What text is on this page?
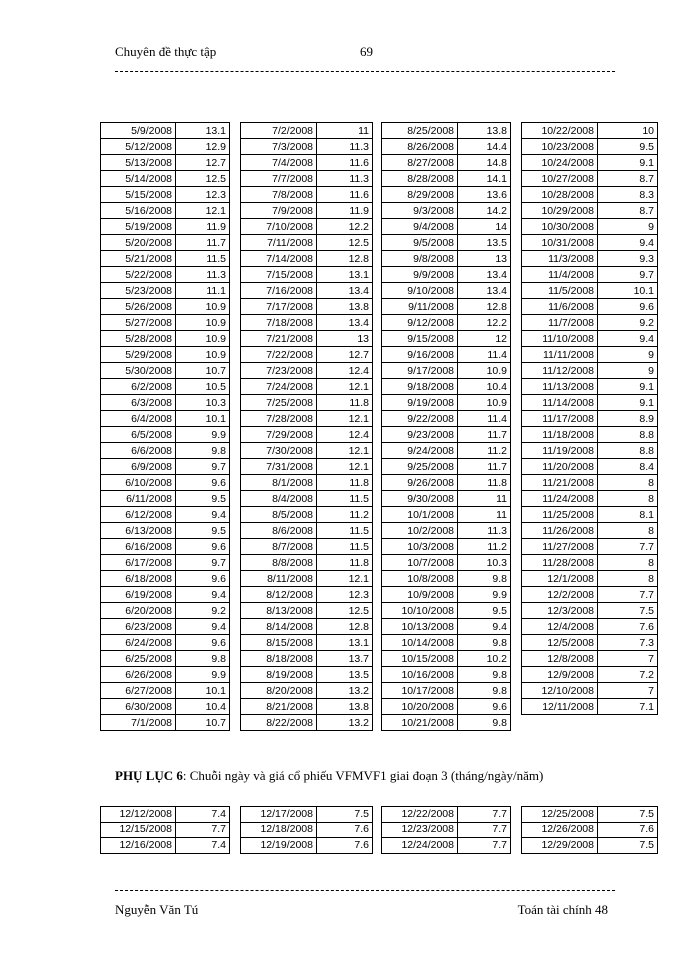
Chuyên đề thực tập	69
5/9/2008	13.1
5/12/2008	12.9
5/13/2008	12.7
5/14/2008	12.5
5/15/2008	12.3
5/16/2008	12.1
5/19/2008	11.9
5/20/2008	11.7
5/21/2008	11.5
5/22/2008	11.3
5/23/2008	11.1
5/26/2008	10.9
5/27/2008	10.9
5/28/2008	10.9
5/29/2008	10.9
5/30/2008	10.7
6/2/2008	10.5
6/3/2008	10.3
6/4/2008	10.1
6/5/2008	9.9
6/6/2008	9.8
6/9/2008	9.7
6/10/2008	9.6
6/11/2008	9.5
6/12/2008	9.4
6/13/2008	9.5
6/16/2008	9.6
6/17/2008	9.7
6/18/2008	9.6
6/19/2008	9.4
6/20/2008	9.2
6/23/2008	9.4
6/24/2008	9.6
6/25/2008	9.8
6/26/2008	9.9
6/27/2008	10.1
6/30/2008	10.4
7/1/2008	10.7
7/2/2008	11
7/3/2008	11.3
7/4/2008	11.6
7/7/2008	11.3
7/8/2008	11.6
7/9/2008	11.9
7/10/2008	12.2
7/11/2008	12.5
7/14/2008	12.8
7/15/2008	13.1
7/16/2008	13.4
7/17/2008	13.8
7/18/2008	13.4
7/21/2008	13
7/22/2008	12.7
7/23/2008	12.4
7/24/2008	12.1
7/25/2008	11.8
7/28/2008	12.1
7/29/2008	12.4
7/30/2008	12.1
7/31/2008	12.1
8/1/2008	11.8
8/4/2008	11.5
8/5/2008	11.2
8/6/2008	11.5
8/7/2008	11.5
8/8/2008	11.8
8/11/2008	12.1
8/12/2008	12.3
8/13/2008	12.5
8/14/2008	12.8
8/15/2008	13.1
8/18/2008	13.7
8/19/2008	13.5
8/20/2008	13.2
8/21/2008	13.8
8/22/2008	13.2
8/25/2008	13.8
8/26/2008	14.4
8/27/2008	14.8
8/28/2008	14.1
8/29/2008	13.6
9/3/2008	14.2
9/4/2008	14
9/5/2008	13.5
9/8/2008	13
9/9/2008	13.4
9/10/2008	13.4
9/11/2008	12.8
9/12/2008	12.2
9/15/2008	12
9/16/2008	11.4
9/17/2008	10.9
9/18/2008	10.4
9/19/2008	10.9
9/22/2008	11.4
9/23/2008	11.7
9/24/2008	11.2
9/25/2008	11.7
9/26/2008	11.8
9/30/2008	11
10/1/2008	11
10/2/2008	11.3
10/3/2008	11.2
10/7/2008	10.3
10/8/2008	9.8
10/9/2008	9.9
10/10/2008	9.5
10/13/2008	9.4
10/14/2008	9.8
10/15/2008	10.2
10/16/2008	9.8
10/17/2008	9.8
10/20/2008	9.6
10/21/2008	9.8
10/22/2008	10
10/23/2008	9.5
10/24/2008	9.1
10/27/2008	8.7
10/28/2008	8.3
10/29/2008	8.7
10/30/2008	9
10/31/2008	9.4
11/3/2008	9.3
11/4/2008	9.7
11/5/2008	10.1
11/6/2008	9.6
11/7/2008	9.2
11/10/2008	9.4
11/11/2008	9
11/12/2008	9
11/13/2008	9.1
11/14/2008	9.1
11/17/2008	8.9
11/18/2008	8.8
11/19/2008	8.8
11/20/2008	8.4
11/21/2008	8
11/24/2008	8
11/25/2008	8.1
11/26/2008	8
11/27/2008	7.7
11/28/2008	8
12/1/2008	8
12/2/2008	7.7
12/3/2008	7.5
12/4/2008	7.6
12/5/2008	7.3
12/8/2008	7
12/9/2008	7.2
12/10/2008	7
12/11/2008	7.1
PHỤ LỤC 6: Chuỗi ngày và giá cổ phiếu VFMVF1 giai đoạn 3 (tháng/ngày/năm)
12/12/2008	7.4
12/15/2008	7.7
12/16/2008	7.4
12/17/2008	7.5
12/18/2008	7.6
12/19/2008	7.6
12/22/2008	7.7
12/23/2008	7.7
12/24/2008	7.7
12/25/2008	7.5
12/26/2008	7.6
12/29/2008	7.5
Nguyễn Văn Tú	Toán tài chính 48
